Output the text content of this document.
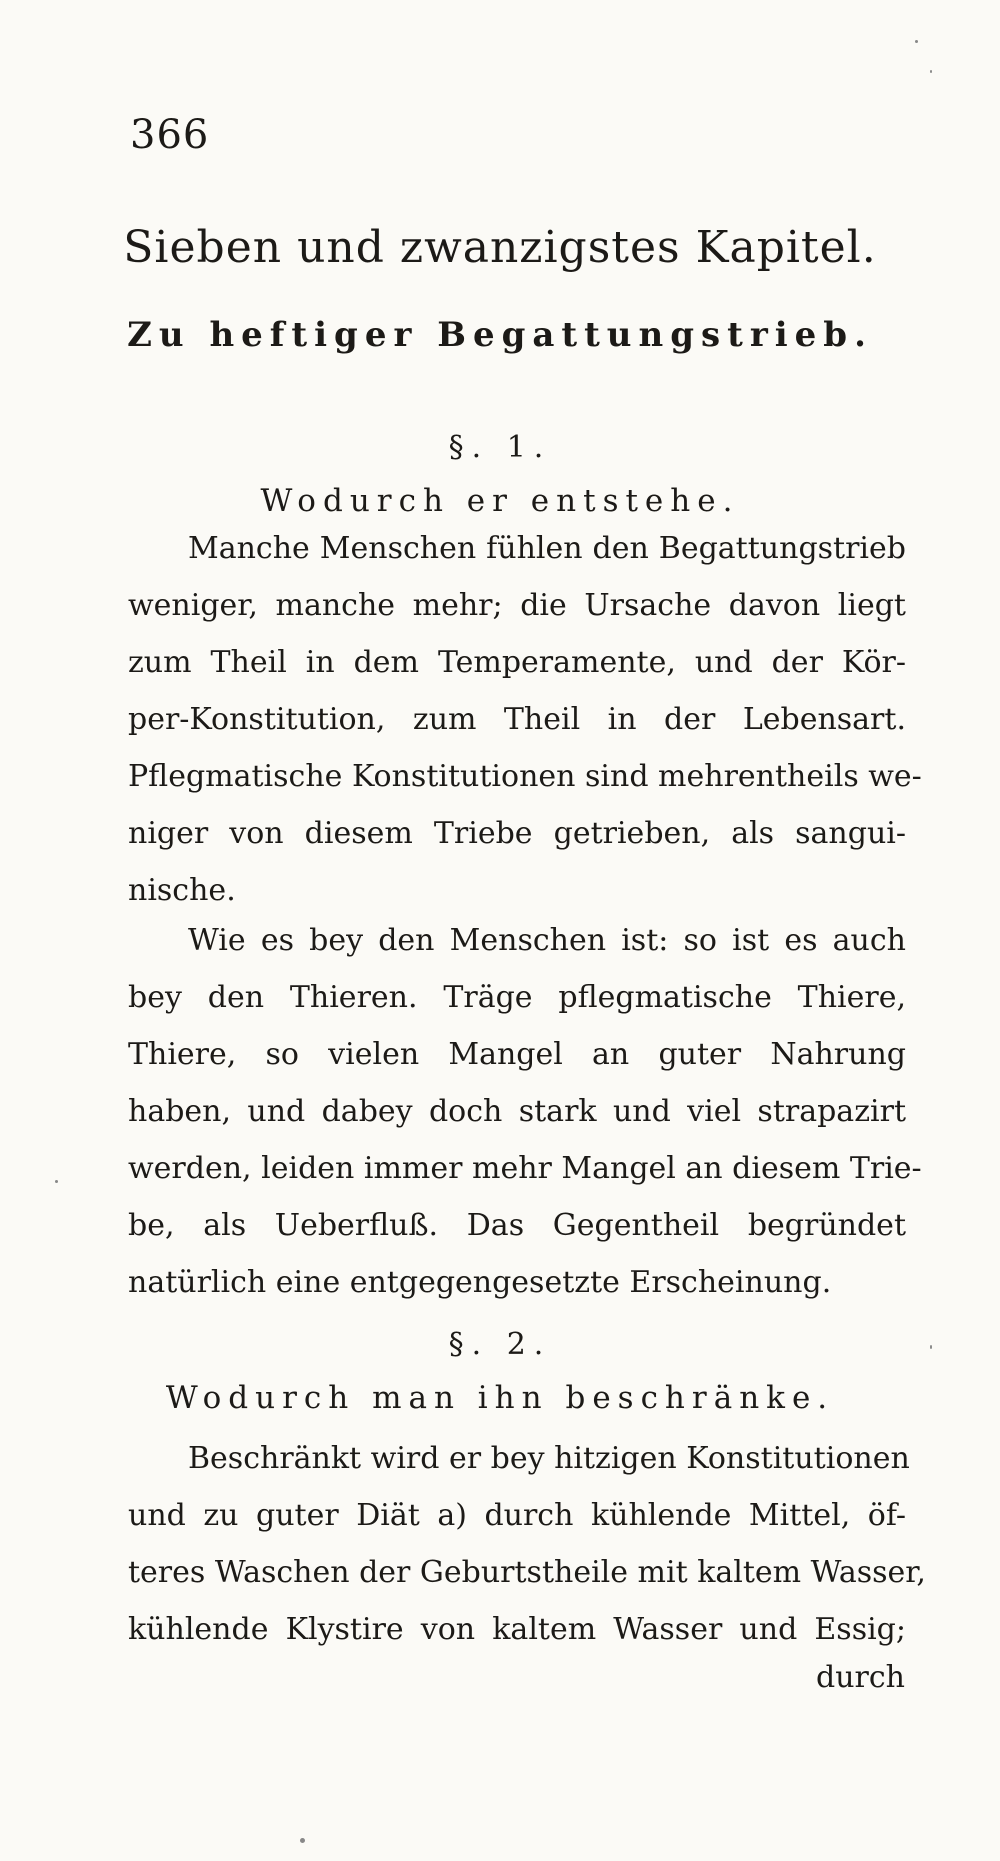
366
Sieben und zwanzigstes Kapitel.
Zu heftiger Begattungstrieb.
§. 1.
Wodurch er entstehe.
Manche Menschen fühlen den Begattungstrieb
weniger, manche mehr; die Ursache davon liegt
zum Theil in dem Temperamente, und der Kör-
per-Konstitution, zum Theil in der Lebensart.
Pflegmatische Konstitutionen sind mehrentheils we-
niger von diesem Triebe getrieben, als sangui-
nische.
Wie es bey den Menschen ist: so ist es auch
bey den Thieren. Träge pflegmatische Thiere,
Thiere, so vielen Mangel an guter Nahrung
haben, und dabey doch stark und viel strapazirt
werden, leiden immer mehr Mangel an diesem Trie-
be, als Ueberfluß. Das Gegentheil begründet
natürlich eine entgegengesetzte Erscheinung.
§. 2.
Wodurch man ihn beschränke.
Beschränkt wird er bey hitzigen Konstitutionen
und zu guter Diät a) durch kühlende Mittel, öf-
teres Waschen der Geburtstheile mit kaltem Wasser,
kühlende Klystire von kaltem Wasser und Essig;
durch
